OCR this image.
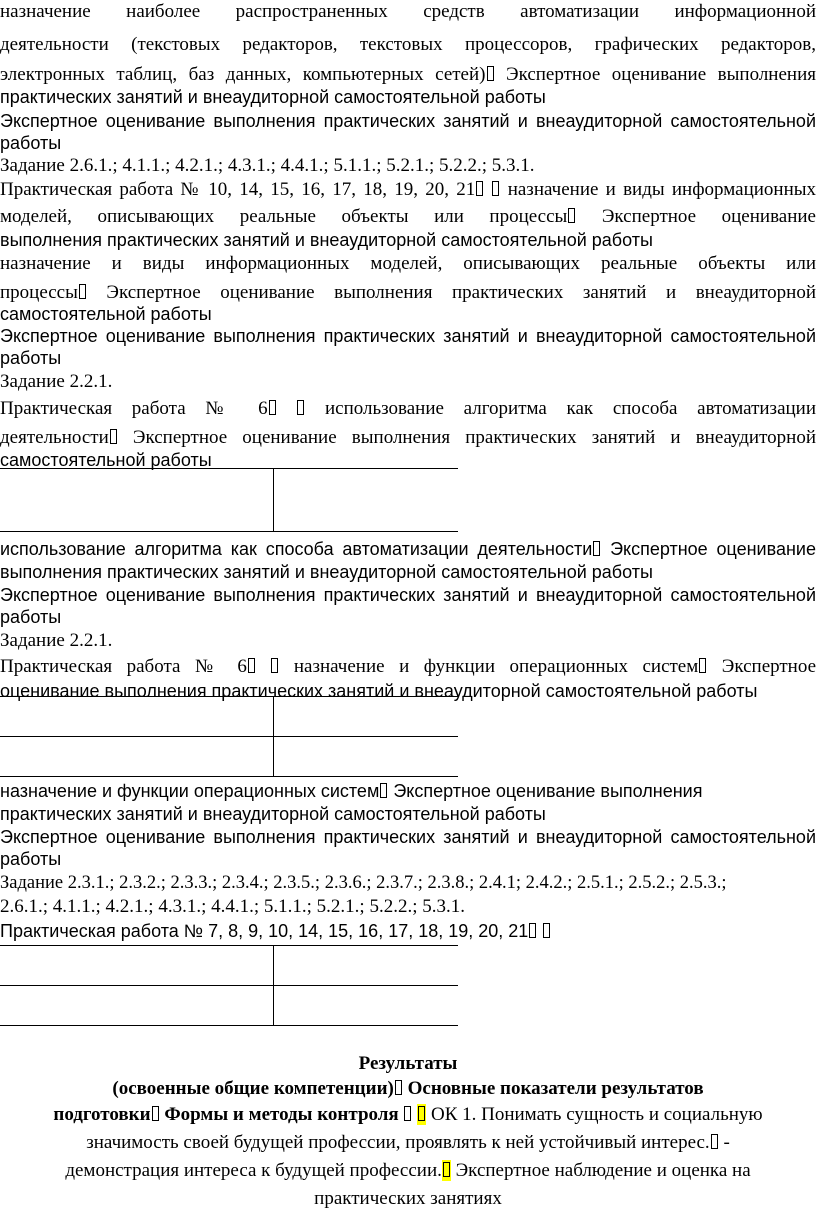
назначение наиболее распространенных средств автоматизации информационной
деятельности (текстовых редакторов, текстовых процессоров, графических редакторов,
электронных таблиц, баз данных, компьютерных сетей) Экспертное оценивание выполнения
практических занятий и внеаудиторной самостоятельной работы
Экспертное оценивание выполнения практических занятий и внеаудиторной самостоятельной
работы
Задание 2.6.1.; 4.1.1.; 4.2.1.; 4.3.1.; 4.4.1.; 5.1.1.; 5.2.1.; 5.2.2.; 5.3.1.
Практическая работа № 10, 14, 15, 16, 17, 18, 19, 20, 21  назначение и виды информационных
моделей, описывающих реальные объекты или процессы Экспертное оценивание
выполнения практических занятий и внеаудиторной самостоятельной работы
назначение и виды информационных моделей, описывающих реальные объекты или
процессы Экспертное оценивание выполнения практических занятий и внеаудиторной
самостоятельной работы
Экспертное оценивание выполнения практических занятий и внеаудиторной самостоятельной
работы
Задание 2.2.1.
Практическая работа № 6  использование алгоритма как способа автоматизации
деятельности Экспертное оценивание выполнения практических занятий и внеаудиторной
самостоятельной работы
использование алгоритма как способа автоматизации деятельности Экспертное оценивание
выполнения практических занятий и внеаудиторной самостоятельной работы
Экспертное оценивание выполнения практических занятий и внеаудиторной самостоятельной
работы
Задание 2.2.1.
Практическая работа № 6  назначение и функции операционных систем Экспертное
оценивание выполнения практических занятий и внеаудиторной самостоятельной работы
назначение и функции операционных систем Экспертное оценивание выполнения
практических занятий и внеаудиторной самостоятельной работы
Экспертное оценивание выполнения практических занятий и внеаудиторной самостоятельной
работы
Задание 2.3.1.; 2.3.2.; 2.3.3.; 2.3.4.; 2.3.5.; 2.3.6.; 2.3.7.; 2.3.8.; 2.4.1; 2.4.2.; 2.5.1.; 2.5.2.; 2.5.3.;
2.6.1.; 4.1.1.; 4.2.1.; 4.3.1.; 4.4.1.; 5.1.1.; 5.2.1.; 5.2.2.; 5.3.1.
Практическая работа № 7, 8, 9, 10, 14, 15, 16, 17, 18, 19, 20, 21
Результаты
(освоенные общие компетенции) Основные показатели результатов
подготовки Формы и методы контроля   ОК 1. Понимать сущность и социальную
значимость своей будущей профессии, проявлять к ней устойчивый интерес. -
демонстрация интереса к будущей профессии. Экспертное наблюдение и оценка на
практических занятиях
